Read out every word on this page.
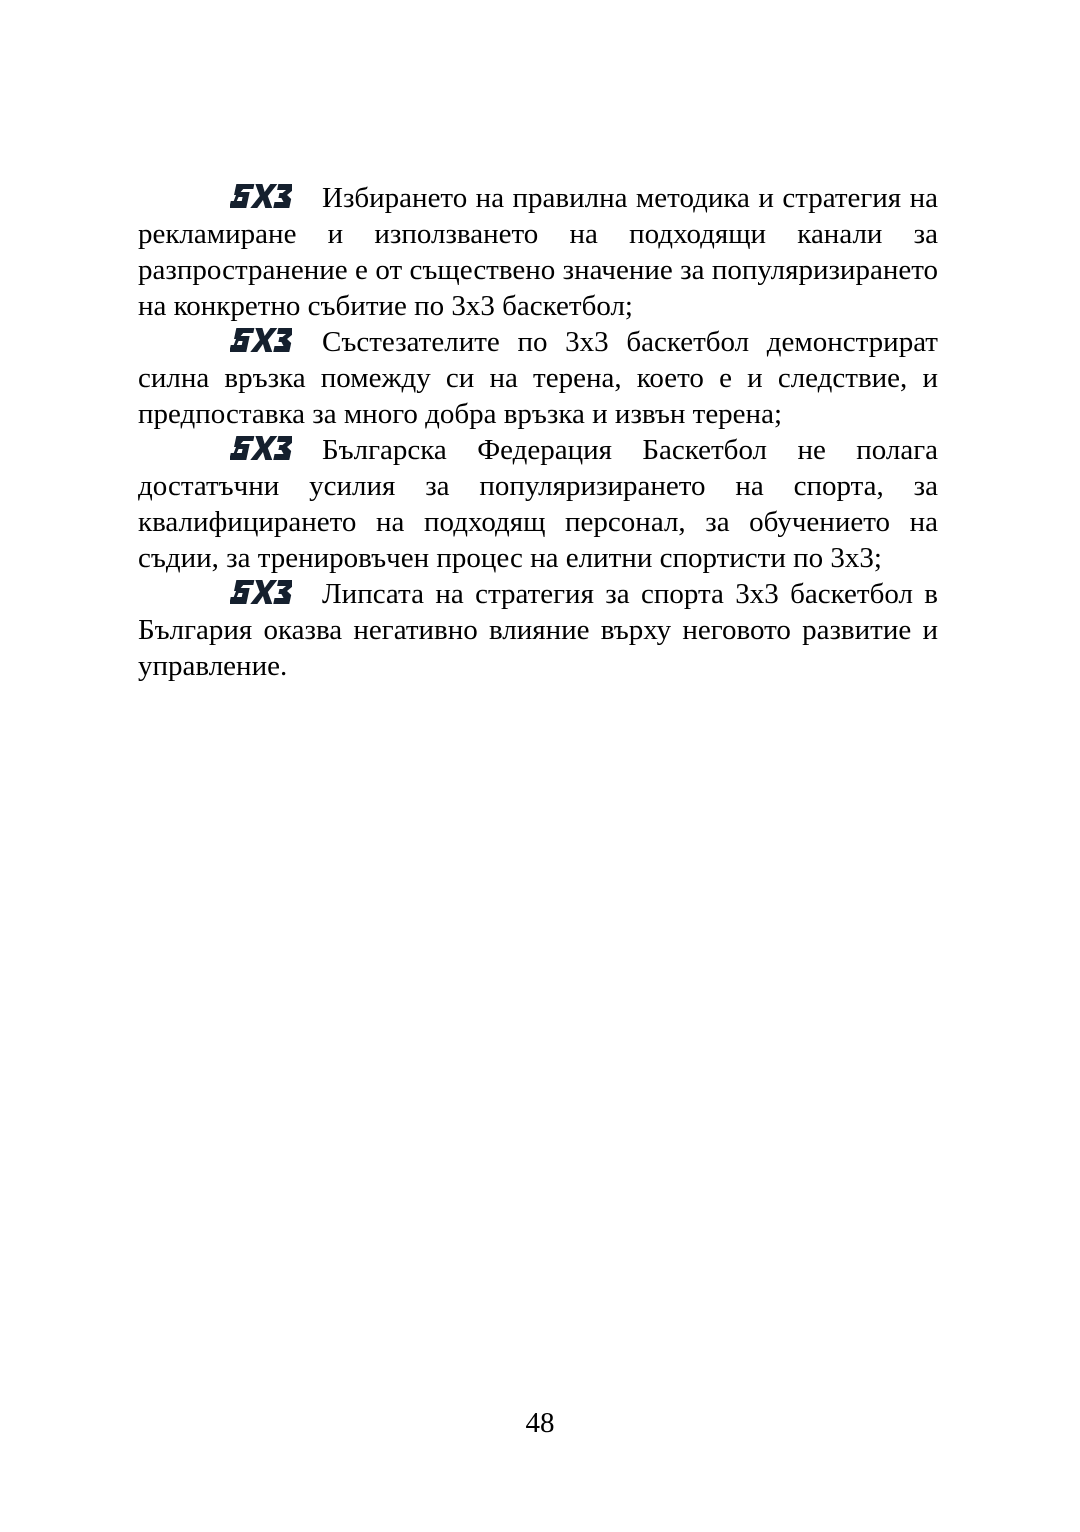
Избирането на правилна методика и стратегия на рекламиране и използването на подходящи канали за разпространение е от съществено значение за популяризирането на конкретно събитие по 3x3 баскетбол;

Състезателите по 3x3 баскетбол демонстрират силна връзка помежду си на терена, което е и следствие, и предпоставка за много добра връзка и извън терена;

Българска Федерация Баскетбол не полага достатъчни усилия за популяризирането на спорта, за квалифицирането на подходящ персонал, за обучението на съдии, за тренировъчен процес на елитни спортисти по 3x3;

Липсата на стратегия за спорта 3x3 баскетбол в България оказва негативно влияние върху неговото развитие и управление.

48
